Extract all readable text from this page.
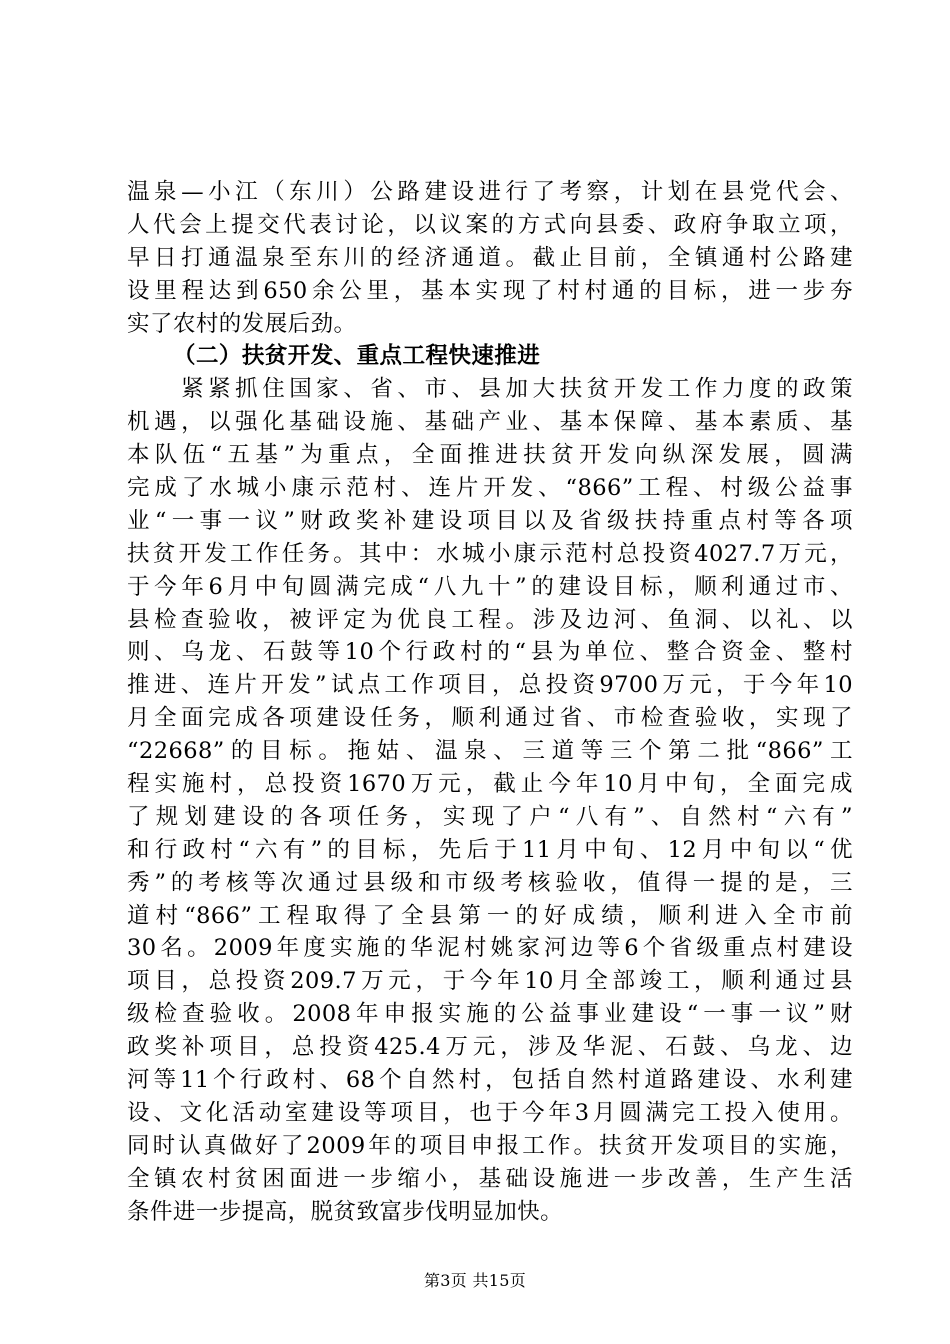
温泉—小江（东川）公路建设进行了考察，计划在县党代会、
人代会上提交代表讨论，以议案的方式向县委、政府争取立项，
早日打通温泉至东川的经济通道。截止目前，全镇通村公路建
设里程达到650余公里，基本实现了村村通的目标，进一步夯
实了农村的发展后劲。
（二）扶贫开发、重点工程快速推进
　　紧紧抓住国家、省、市、县加大扶贫开发工作力度的政策
机遇，以强化基础设施、基础产业、基本保障、基本素质、基
本队伍“五基”为重点，全面推进扶贫开发向纵深发展，圆满
完成了水城小康示范村、连片开发、“866”工程、村级公益事
业“一事一议”财政奖补建设项目以及省级扶持重点村等各项
扶贫开发工作任务。其中：水城小康示范村总投资4027.7万元，
于今年6月中旬圆满完成“八九十”的建设目标，顺利通过市、
县检查验收，被评定为优良工程。涉及边河、鱼洞、以礼、以
则、乌龙、石鼓等10个行政村的“县为单位、整合资金、整村
推进、连片开发”试点工作项目，总投资9700万元，于今年10
月全面完成各项建设任务，顺利通过省、市检查验收，实现了
“22668”的目标。拖姑、温泉、三道等三个第二批“866”工
程实施村，总投资1670万元，截止今年10月中旬，全面完成
了规划建设的各项任务，实现了户“八有”、自然村“六有”
和行政村“六有”的目标，先后于11月中旬、12月中旬以“优
秀”的考核等次通过县级和市级考核验收，值得一提的是，三
道村“866”工程取得了全县第一的好成绩，顺利进入全市前
30名。2009年度实施的华泥村姚家河边等6个省级重点村建设
项目，总投资209.7万元，于今年10月全部竣工，顺利通过县
级检查验收。2008年申报实施的公益事业建设“一事一议”财
政奖补项目，总投资425.4万元，涉及华泥、石鼓、乌龙、边
河等11个行政村、68个自然村，包括自然村道路建设、水利建
设、文化活动室建设等项目，也于今年3月圆满完工投入使用。
同时认真做好了2009年的项目申报工作。扶贫开发项目的实施，
全镇农村贫困面进一步缩小，基础设施进一步改善，生产生活
条件进一步提高，脱贫致富步伐明显加快。
第3页 共15页
